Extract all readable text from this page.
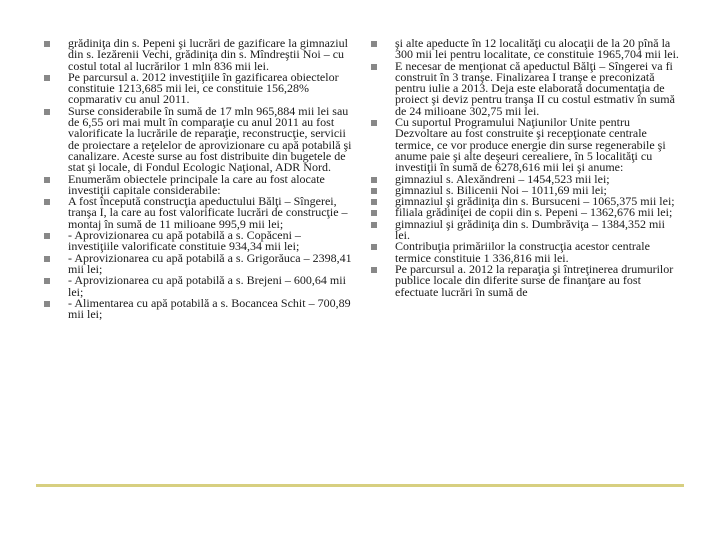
grădiniţa din s. Pepeni şi lucrări de gazificare la gimnaziul din s. Iezărenii Vechi, grădiniţa din s. Mîndreştii Noi – cu costul total al lucrărilor 1 mln 836 mii lei.
Pe parcursul a. 2012 investiţiile în gazificarea obiectelor constituie 1213,685 mii lei, ce constituie 156,28% copmarativ cu anul 2011.
Surse considerabile în sumă de 17 mln 965,884 mii lei sau de 6,55 ori mai mult în comparaţie cu anul 2011 au fost valorificate la lucrările de reparaţie, reconstrucţie, servicii de proiectare a reţelelor de aprovizionare cu apă potabilă şi canalizare. Aceste surse au fost distribuite din bugetele de stat şi locale, di Fondul Ecologic Naţional, ADR Nord.
Enumerăm obiectele principale la care au fost alocate investiţii capitale considerabile:
A fost începută construcţia apeductului Bălţi – Sîngerei, tranşa I, la care au fost valorificate lucrări de construcţie – montaj în sumă de 11 milioane 995,9 mii lei;
- Aprovizionarea cu apă potabilă a s. Copăceni – investiţiile valorificate constituie 934,34 mii lei;
- Aprovizionarea cu apă potabilă a s. Grigorăuca – 2398,41 mii lei;
- Aprovizionarea cu apă potabilă a s. Brejeni – 600,64 mii lei;
- Alimentarea cu apă potabilă a s. Bocancea Schit – 700,89 mii lei;
şi alte apeducte în 12 localităţi cu alocaţii de la 20 pînă la 300 mii lei pentru localitate, ce constituie 1965,704 mii lei.
E necesar de menţionat că apeductul Bălţi – Sîngerei va fi construit în 3 tranşe. Finalizarea I tranşe e preconizată pentru iulie a 2013. Deja este elaborată documentaţia de proiect şi deviz pentru tranşa II cu costul estmativ în sumă de 24 milioane 302,75 mii lei.
Cu suportul Programului Naţiunilor Unite pentru Dezvoltare au fost construite şi recepţionate centrale termice, ce vor produce energie din surse regenerabile şi anume paie şi alte deşeuri cerealiere, în 5 localităţi cu investiţii în sumă de 6278,616 mii lei şi anume:
gimnaziul s. Alexăndreni – 1454,523 mii lei;
gimnaziul s. Bilicenii Noi – 1011,69 mii lei;
gimnaziul şi grădiniţa din s. Bursuceni – 1065,375 mii lei;
filiala grădiniţei de copii din s. Pepeni – 1362,676 mii lei;
gimnaziul şi grădiniţa din s. Dumbrăviţa – 1384,352 mii lei.
Contribuţia primăriilor la construcţia acestor centrale termice constituie 1 336,816 mii lei.
Pe parcursul a. 2012 la reparaţia şi întreţinerea drumurilor publice locale din diferite surse de finanţare au fost efectuate lucrări în sumă de
